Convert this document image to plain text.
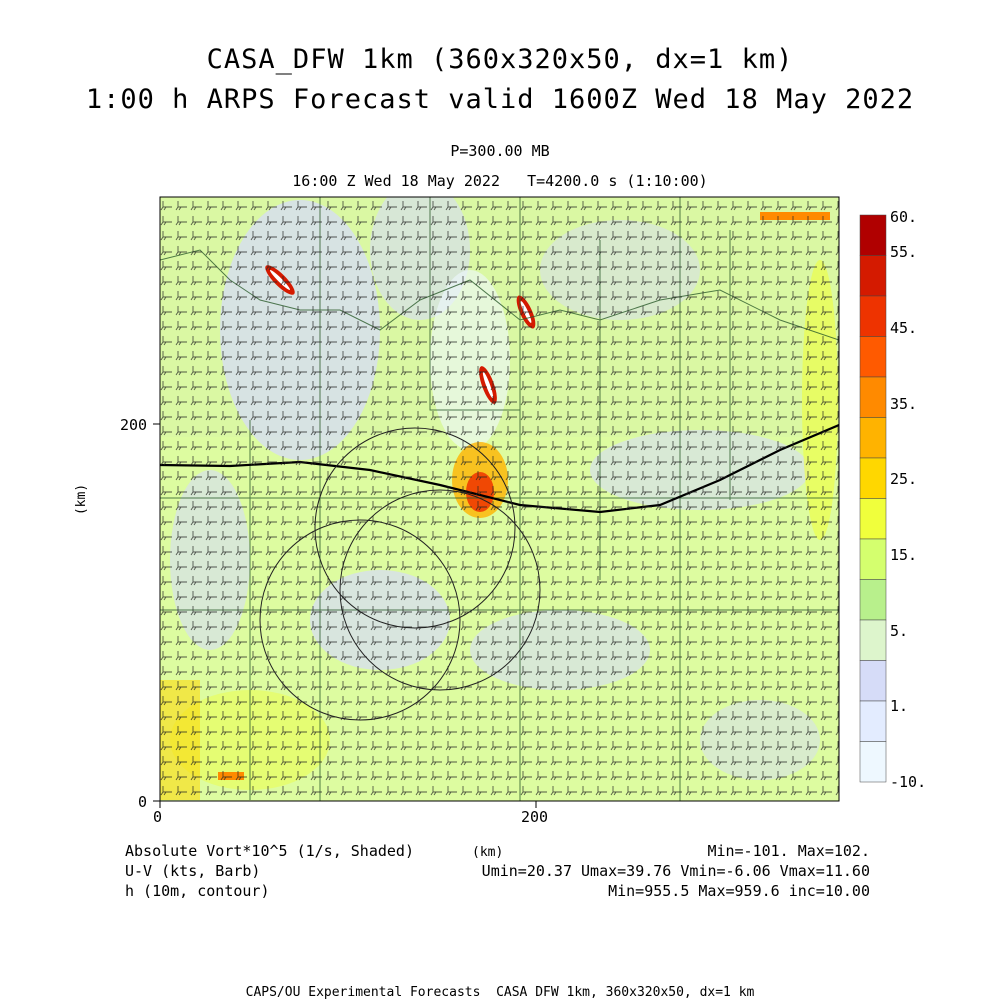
CASA_DFW 1km (360x320x50, dx=1 km)
1:00 h ARPS Forecast valid 1600Z Wed 18 May 2022
P=300.00 MB
16:00 Z Wed 18 May 2022   T=4200.0 s (1:10:00)
0	200
0
200
(km)
(km)
60.
55.
45.
35.
25.
15.
5.
1.
-10.
Absolute Vort*10^5 (1/s, Shaded)
U-V (kts, Barb)
h (10m, contour)
Min=-101. Max=102.
Umin=20.37 Umax=39.76 Vmin=-6.06 Vmax=11.60
Min=955.5 Max=959.6 inc=10.00
CAPS/OU Experimental Forecasts  CASA DFW 1km, 360x320x50, dx=1 km
